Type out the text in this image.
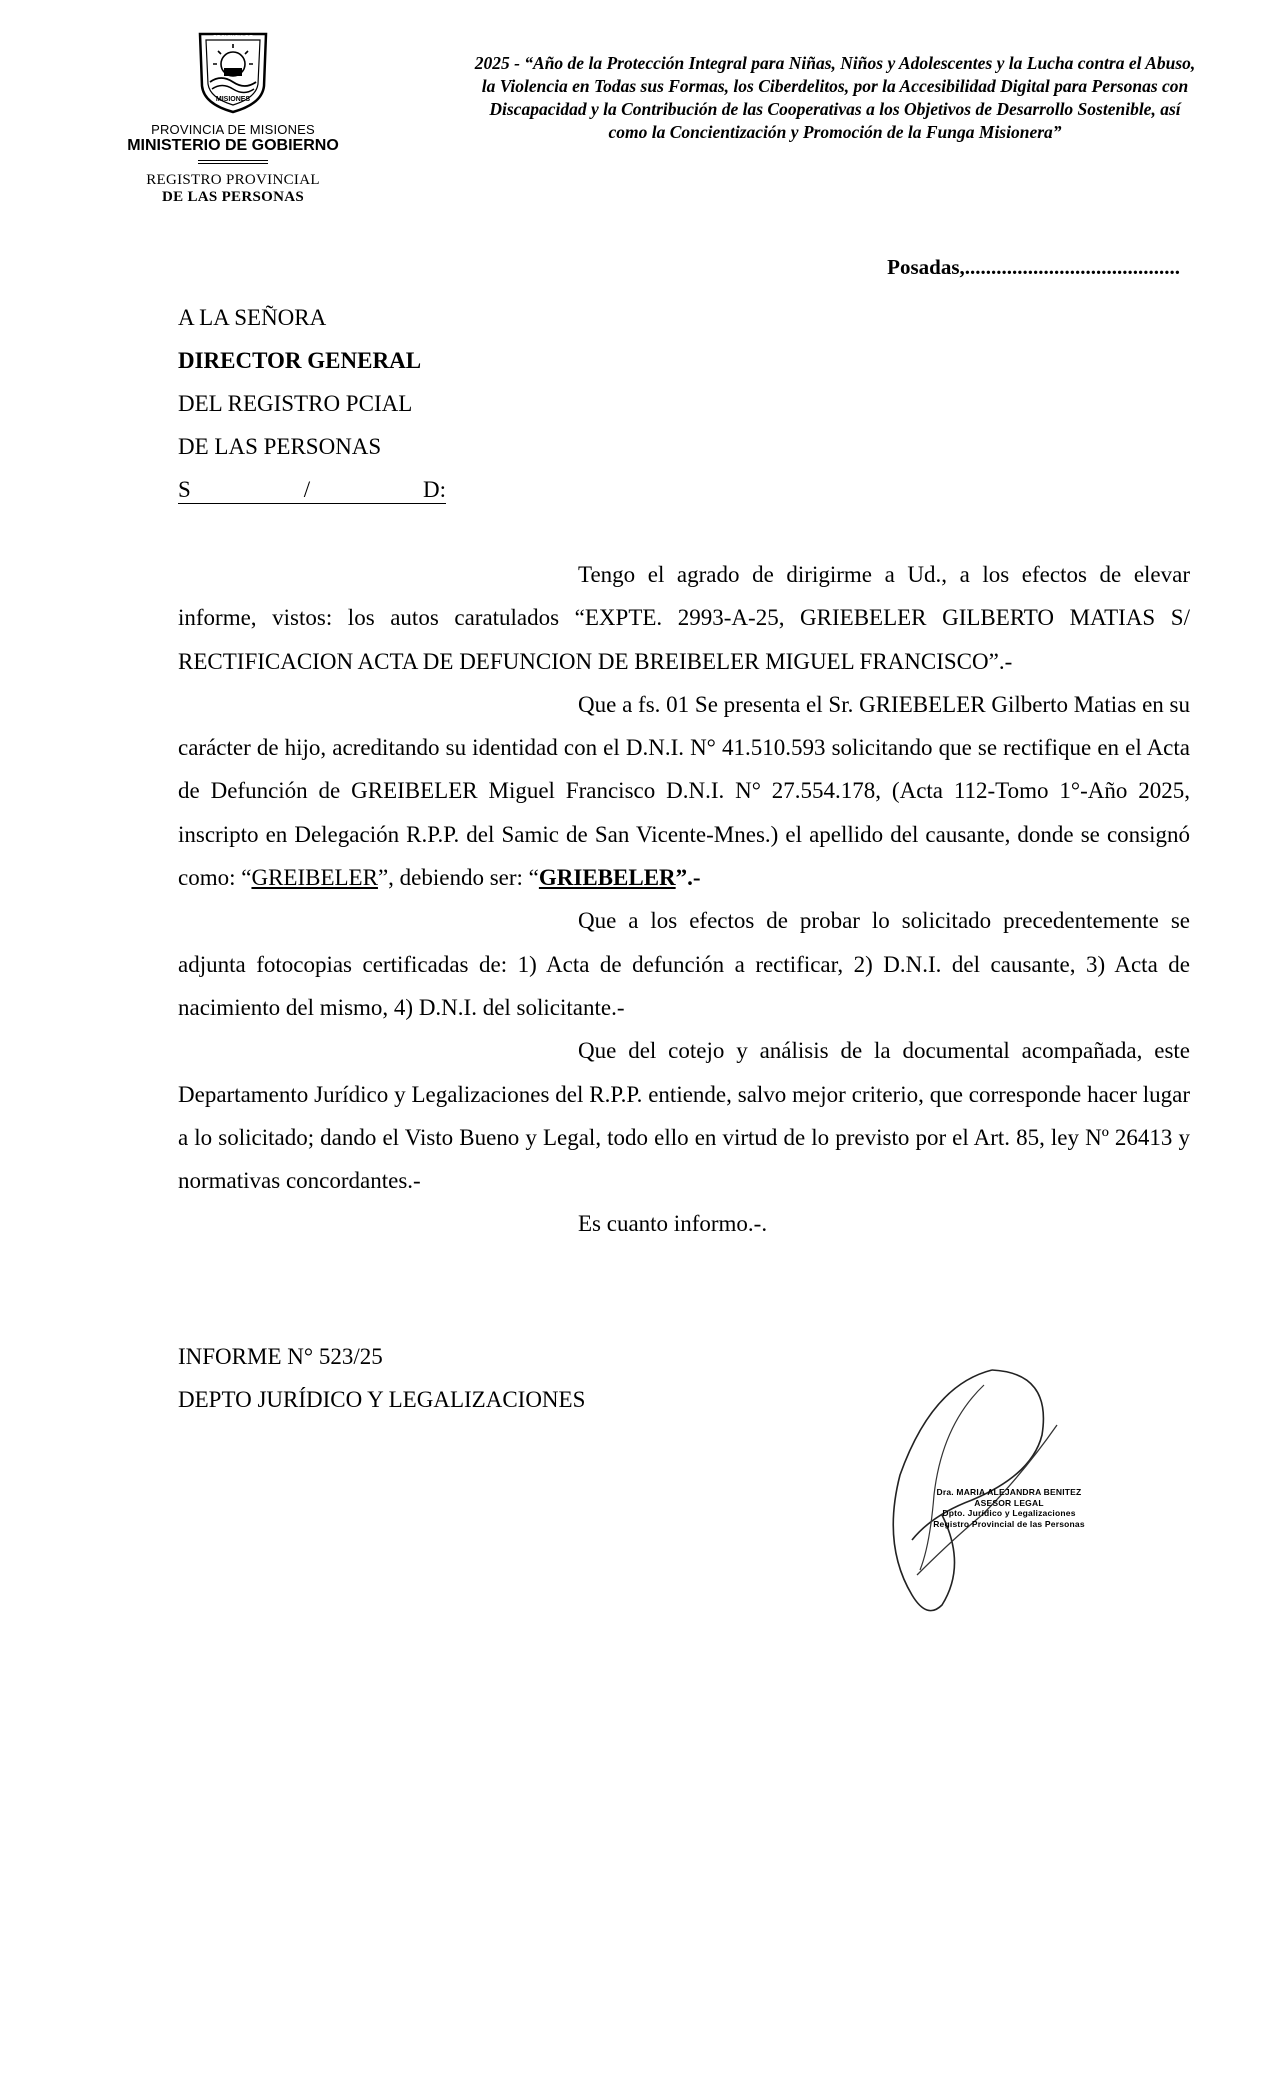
PROVINCIA DE
MISIONES
PROVINCIA DE MISIONES
MINISTERIO DE GOBIERNO
REGISTRO PROVINCIAL
DE LAS PERSONAS
2025 - “Año de la Protección Integral para Niñas, Niños y Adolescentes y la Lucha contra el Abuso, la Violencia en Todas sus Formas, los Ciberdelitos, por la Accesibilidad Digital para Personas con Discapacidad y la Contribución de las Cooperativas a los Objetivos de Desarrollo Sostenible, así como la Concientización y Promoción de la Funga Misionera”
Posadas,.........................................
A LA SEÑORA
DIRECTOR GENERAL
DEL REGISTRO PCIAL
DE LAS PERSONAS
S	/	D:

Tengo el agrado de dirigirme a Ud., a los efectos de elevar informe, vistos: los autos caratulados “EXPTE. 2993-A-25, GRIEBELER GILBERTO MATIAS S/ RECTIFICACION ACTA DE DEFUNCION DE BREIBELER MIGUEL FRANCISCO”.-

Que a fs. 01 Se presenta el Sr. GRIEBELER Gilberto Matias en su carácter de hijo, acreditando su identidad con el D.N.I. N° 41.510.593 solicitando que se rectifique en el Acta de Defunción de GREIBELER Miguel Francisco D.N.I. N° 27.554.178, (Acta 112-Tomo 1°-Año 2025, inscripto en Delegación R.P.P. del Samic de San Vicente-Mnes.) el apellido del causante, donde se consignó como: “GREIBELER”, debiendo ser: “GRIEBELER”.-

Que a los efectos de probar lo solicitado precedentemente se adjunta fotocopias certificadas de: 1) Acta de defunción a rectificar, 2) D.N.I. del causante, 3) Acta de nacimiento del mismo, 4) D.N.I. del solicitante.-

Que del cotejo y análisis de la documental acompañada, este Departamento Jurídico y Legalizaciones del R.P.P. entiende, salvo mejor criterio, que corresponde hacer lugar a lo solicitado; dando el Visto Bueno y Legal, todo ello en virtud de lo previsto por el Art. 85, ley Nº 26413 y normativas concordantes.-

Es cuanto informo.-.

INFORME N° 523/25
DEPTO JURÍDICO Y LEGALIZACIONES
Dra. MARIA ALEJANDRA BENITEZ
ASESOR LEGAL
Dpto. Jurídico y Legalizaciones
Registro Provincial de las Personas
